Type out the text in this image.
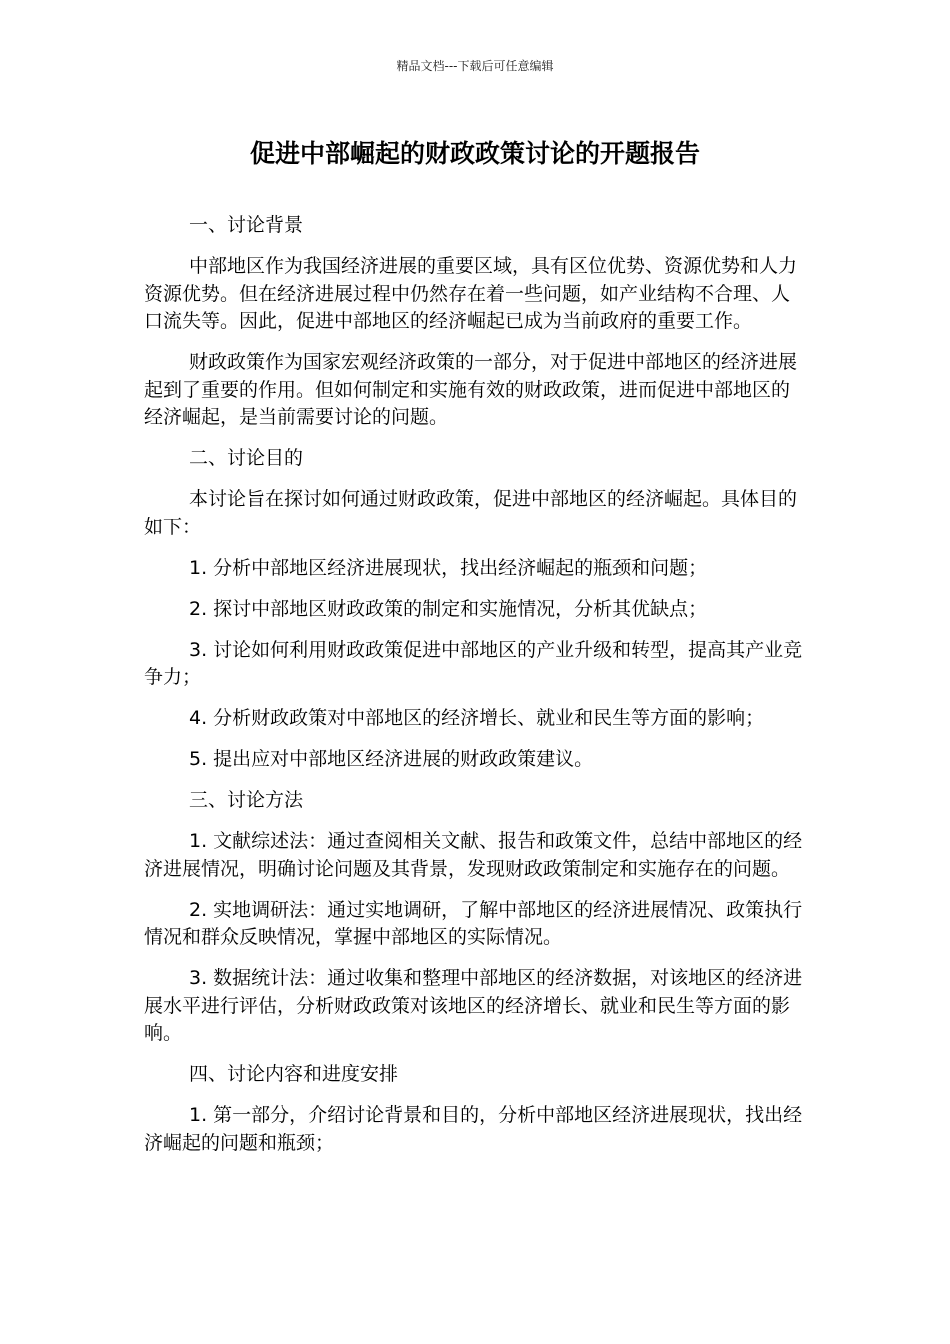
精品文档---下载后可任意编辑
促进中部崛起的财政政策讨论的开题报告

一、讨论背景

中部地区作为我国经济进展的重要区域，具有区位优势、资源优势和人力资源优势。但在经济进展过程中仍然存在着一些问题，如产业结构不合理、人口流失等。因此，促进中部地区的经济崛起已成为当前政府的重要工作。

财政政策作为国家宏观经济政策的一部分，对于促进中部地区的经济进展起到了重要的作用。但如何制定和实施有效的财政政策，进而促进中部地区的经济崛起，是当前需要讨论的问题。

二、讨论目的

本讨论旨在探讨如何通过财政政策，促进中部地区的经济崛起。具体目的如下：

1. 分析中部地区经济进展现状，找出经济崛起的瓶颈和问题；

2. 探讨中部地区财政政策的制定和实施情况，分析其优缺点；

3. 讨论如何利用财政政策促进中部地区的产业升级和转型，提高其产业竞争力；

4. 分析财政政策对中部地区的经济增长、就业和民生等方面的影响；

5. 提出应对中部地区经济进展的财政政策建议。

三、讨论方法

1. 文献综述法：通过查阅相关文献、报告和政策文件，总结中部地区的经济进展情况，明确讨论问题及其背景，发现财政政策制定和实施存在的问题。

2. 实地调研法：通过实地调研，了解中部地区的经济进展情况、政策执行情况和群众反映情况，掌握中部地区的实际情况。

3. 数据统计法：通过收集和整理中部地区的经济数据，对该地区的经济进展水平进行评估，分析财政政策对该地区的经济增长、就业和民生等方面的影响。

四、讨论内容和进度安排

1. 第一部分，介绍讨论背景和目的，分析中部地区经济进展现状，找出经济崛起的问题和瓶颈；
